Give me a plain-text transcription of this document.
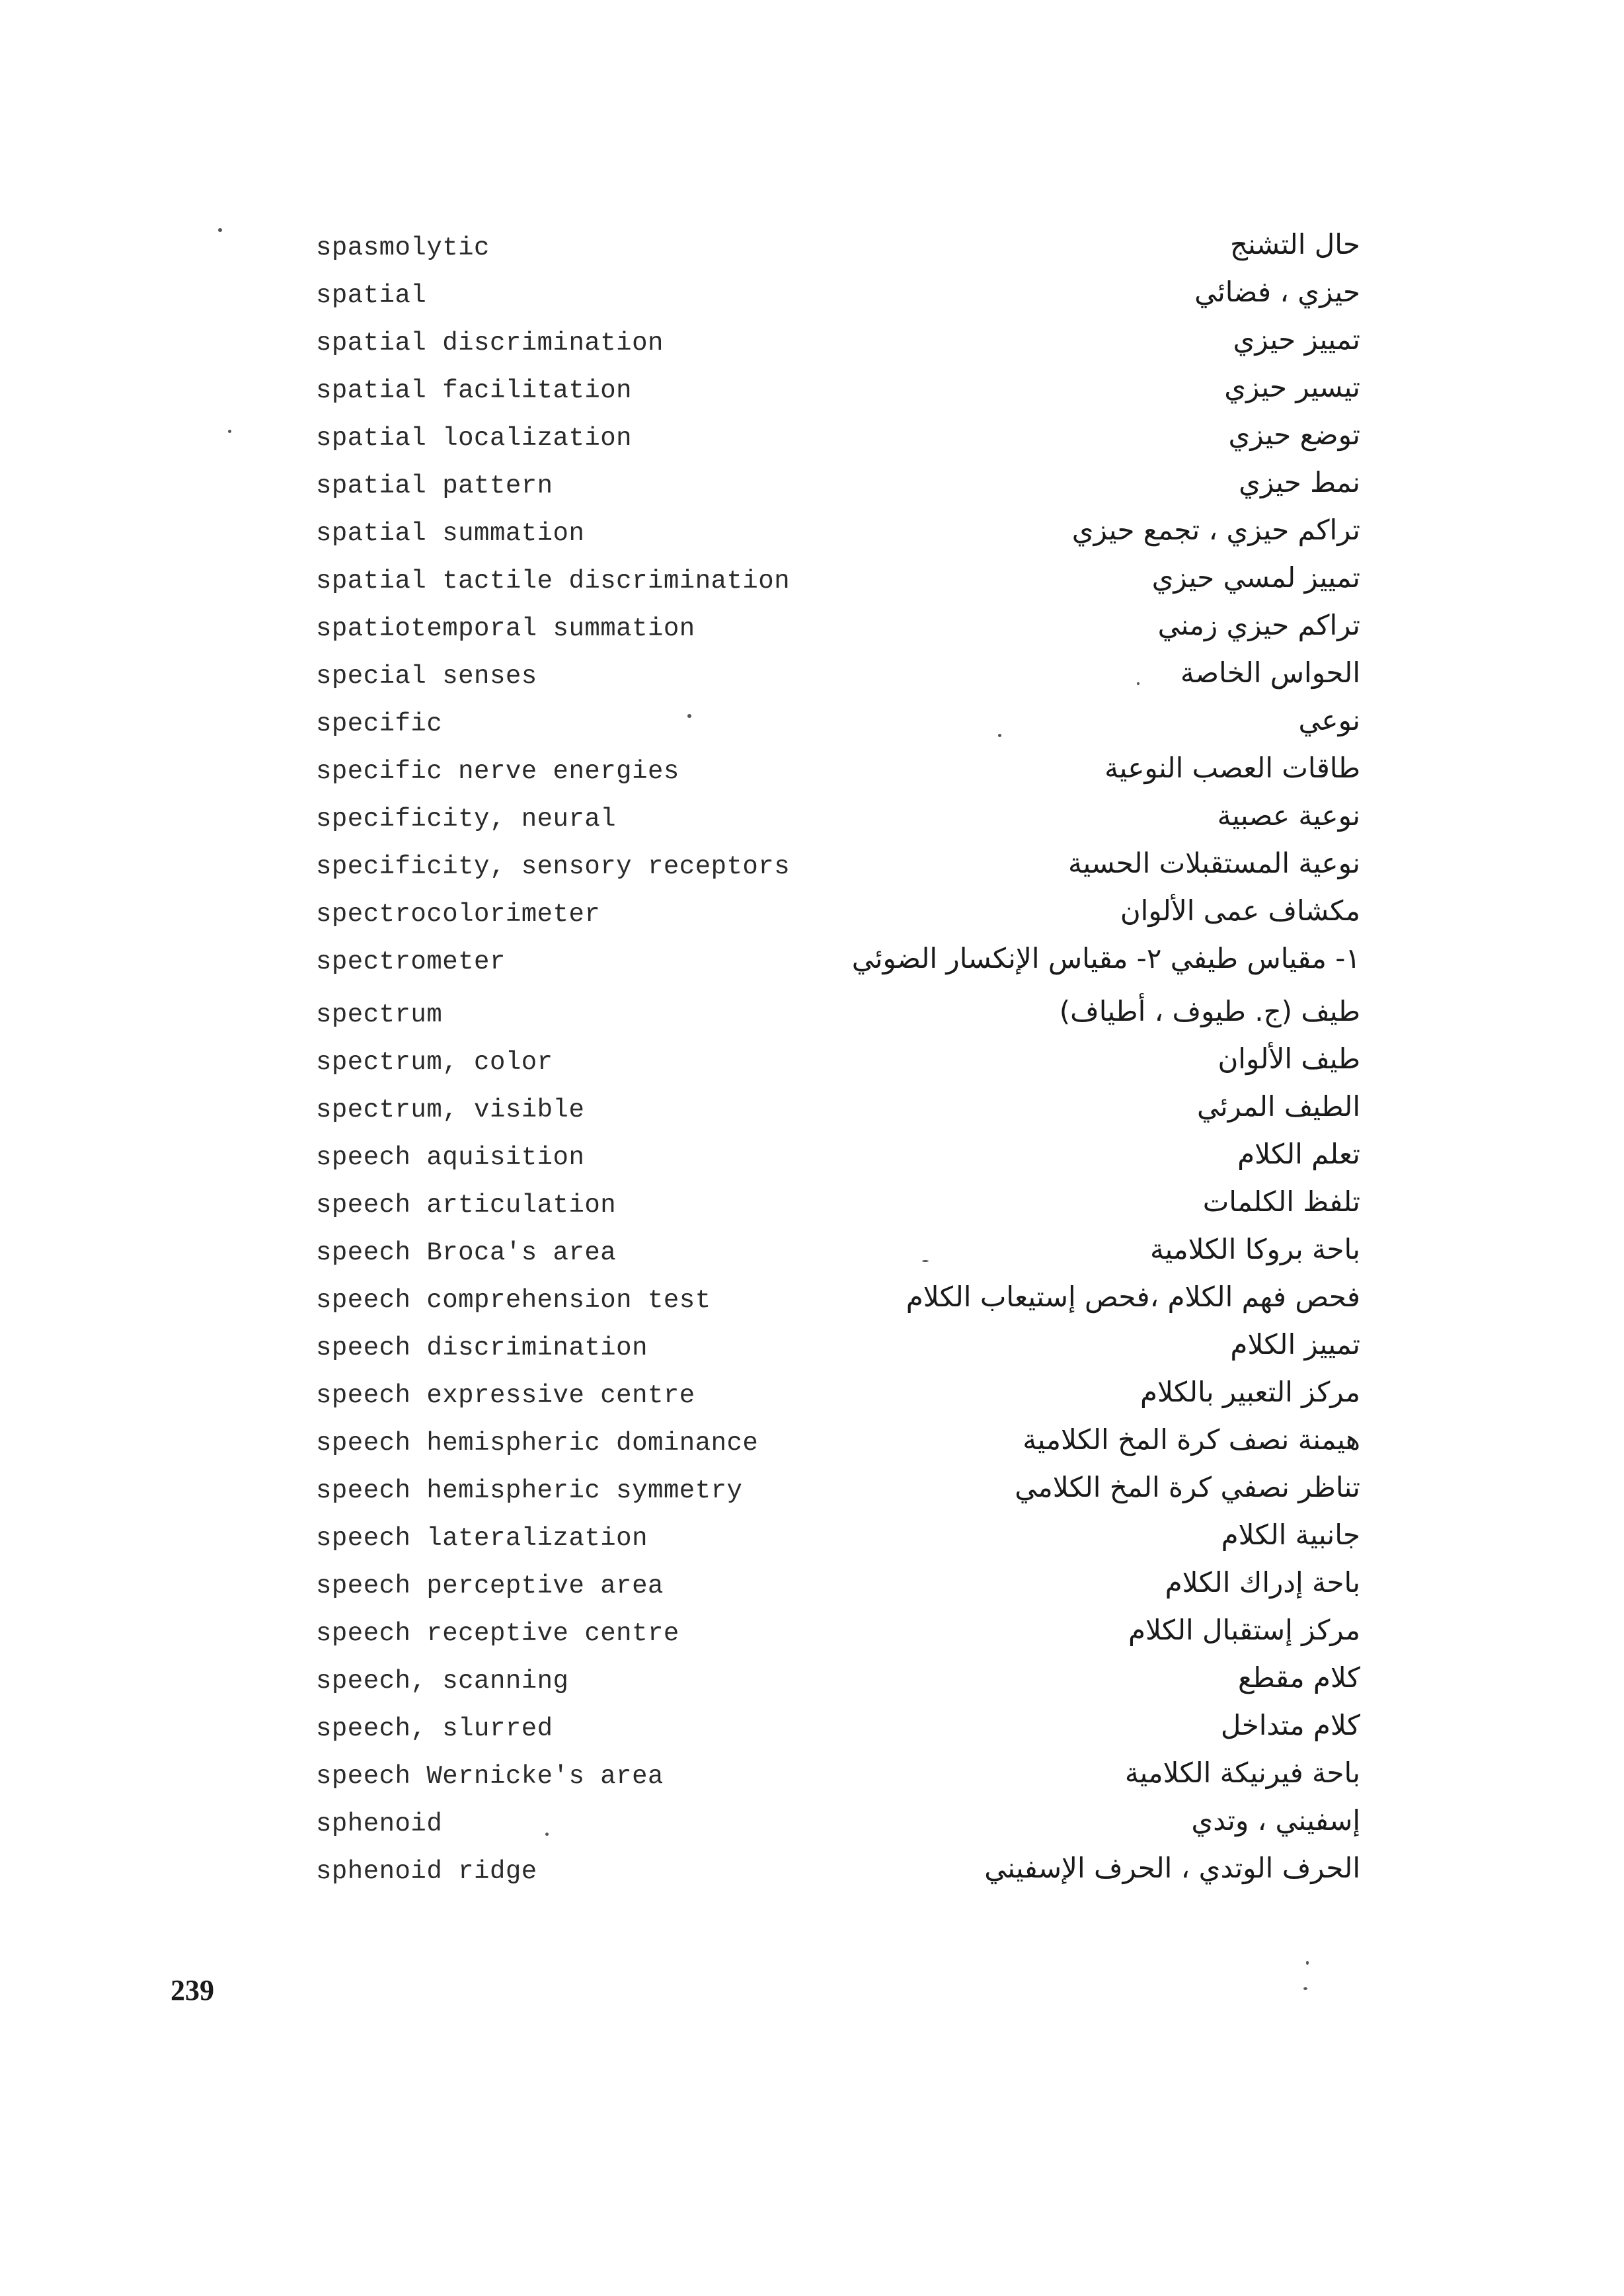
spasmolytic	حال التشنج
spatial	حيزي ، فضائي
spatial discrimination	تمييز حيزي
spatial facilitation	تيسير حيزي
spatial localization	توضع حيزي
spatial pattern	نمط حيزي
spatial summation	تراكم حيزي ، تجمع حيزي
spatial tactile discrimination	تمييز لمسي حيزي
spatiotemporal summation	تراكم حيزي زمني
special senses	الحواس الخاصة
specific	نوعي
specific nerve energies	طاقات العصب النوعية
specificity, neural	نوعية عصبية
specificity, sensory receptors	نوعية المستقبلات الحسية
spectrocolorimeter	مكشاف عمى الألوان
spectrometer	١- مقياس طيفي ٢- مقياس الإنكسار الضوئي
spectrum	طيف (ج. طيوف ، أطياف)
spectrum, color	طيف الألوان
spectrum, visible	الطيف المرئي
speech aquisition	تعلم الكلام
speech articulation	تلفظ الكلمات
speech Broca's area	باحة بروكا الكلامية
speech comprehension test	فحص فهم الكلام ،فحص إستيعاب الكلام
speech discrimination	تمييز الكلام
speech expressive centre	مركز التعبير بالكلام
speech hemispheric dominance	هيمنة نصف كرة المخ الكلامية
speech hemispheric symmetry	تناظر نصفي كرة المخ الكلامي
speech lateralization	جانبية الكلام
speech perceptive area	باحة إدراك الكلام
speech receptive centre	مركز إستقبال الكلام
speech, scanning	كلام مقطع
speech, slurred	كلام متداخل
speech Wernicke's area	باحة فيرنيكة الكلامية
sphenoid	إسفيني ، وتدي
sphenoid ridge	الحرف الوتدي ، الحرف الإسفيني
239
